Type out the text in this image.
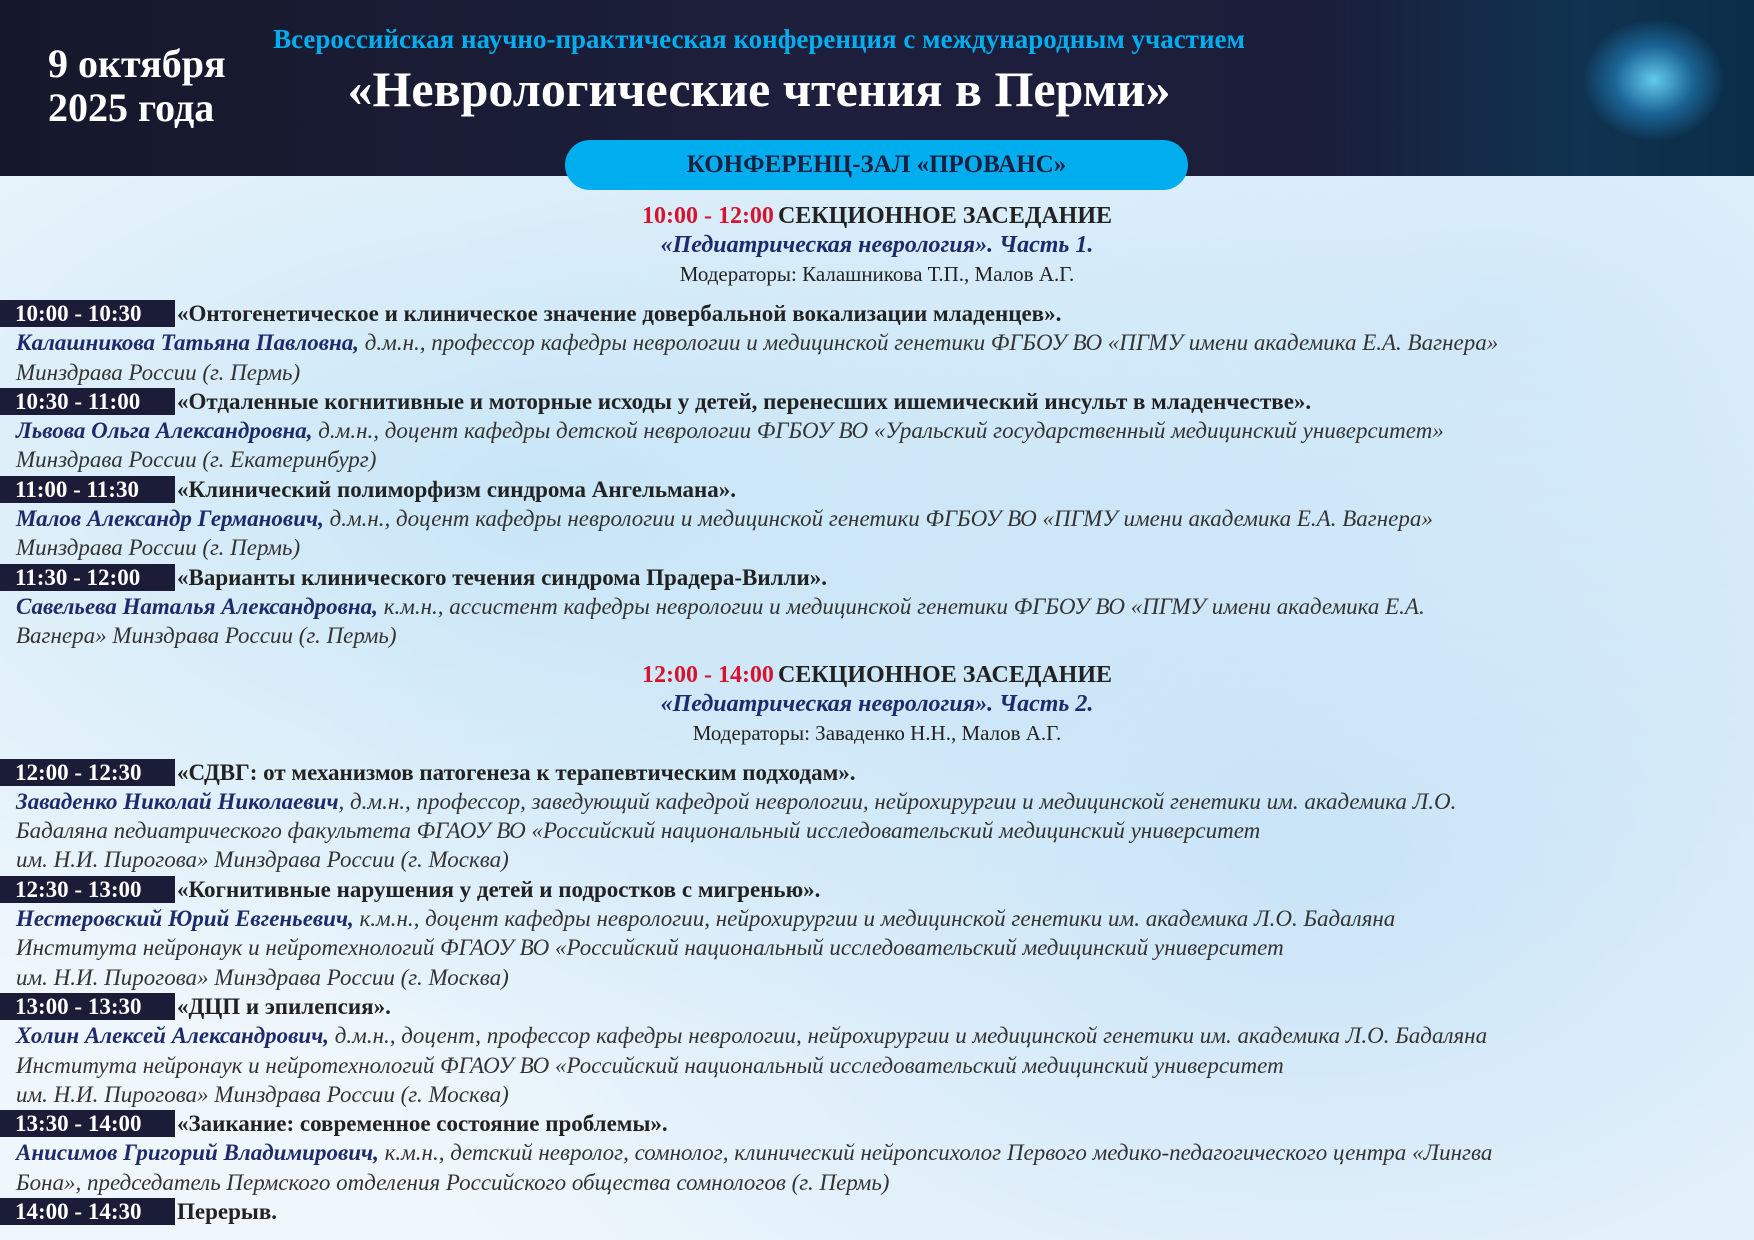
9 октября
2025 года
Всероссийская научно-практическая конференция с международным участием
«Неврологические чтения в Перми»
КОНФЕРЕНЦ-ЗАЛ «ПРОВАНС»
10:00 - 12:00 СЕКЦИОННОЕ ЗАСЕДАНИЕ
«Педиатрическая неврология». Часть 1.
Модераторы: Калашникова Т.П., Малов А.Г.
10:00 - 10:30 «Онтогенетическое и клиническое значение довербальной вокализации младенцев».
Калашникова Татьяна Павловна, д.м.н., профессор кафедры неврологии и медицинской генетики ФГБОУ ВО «ПГМУ имени академика Е.А. Вагнера»
Минздрава России (г. Пермь)
10:30 - 11:00 «Отдаленные когнитивные и моторные исходы у детей, перенесших ишемический инсульт в младенчестве».
Львова Ольга Александровна, д.м.н., доцент кафедры детской неврологии ФГБОУ ВО «Уральский государственный медицинский университет»
Минздрава России (г. Екатеринбург)
11:00 - 11:30 «Клинический полиморфизм синдрома Ангельмана».
Малов Александр Германович, д.м.н., доцент кафедры неврологии и медицинской генетики ФГБОУ ВО «ПГМУ имени академика Е.А. Вагнера»
Минздрава России (г. Пермь)
11:30 - 12:00 «Варианты клинического течения синдрома Прадера-Вилли».
Савельева Наталья Александровна, к.м.н., ассистент кафедры неврологии и медицинской генетики ФГБОУ ВО «ПГМУ имени академика Е.А.
Вагнера» Минздрава России (г. Пермь)
12:00 - 14:00 СЕКЦИОННОЕ ЗАСЕДАНИЕ
«Педиатрическая неврология». Часть 2.
Модераторы: Заваденко Н.Н., Малов А.Г.
12:00 - 12:30 «СДВГ: от механизмов патогенеза к терапевтическим подходам».
Заваденко Николай Николаевич, д.м.н., профессор, заведующий кафедрой неврологии, нейрохирургии и медицинской генетики им. академика Л.О.
Бадаляна педиатрического факультета ФГАОУ ВО «Российский национальный исследовательский медицинский университет
им. Н.И. Пирогова» Минздрава России (г. Москва)
12:30 - 13:00 «Когнитивные нарушения у детей и подростков с мигренью».
Нестеровский Юрий Евгеньевич, к.м.н., доцент кафедры неврологии, нейрохирургии и медицинской генетики им. академика Л.О. Бадаляна
Института нейронаук и нейротехнологий ФГАОУ ВО «Российский национальный исследовательский медицинский университет
им. Н.И. Пирогова» Минздрава России (г. Москва)
13:00 - 13:30 «ДЦП и эпилепсия».
Холин Алексей Александрович, д.м.н., доцент, профессор кафедры неврологии, нейрохирургии и медицинской генетики им. академика Л.О. Бадаляна
Института нейронаук и нейротехнологий ФГАОУ ВО «Российский национальный исследовательский медицинский университет
им. Н.И. Пирогова» Минздрава России (г. Москва)
13:30 - 14:00 «Заикание: современное состояние проблемы».
Анисимов Григорий Владимирович, к.м.н., детский невролог, сомнолог, клинический нейропсихолог Первого медико-педагогического центра «Лингва
Бона», председатель Пермского отделения Российского общества сомнологов (г. Пермь)
14:00 - 14:30 Перерыв.
